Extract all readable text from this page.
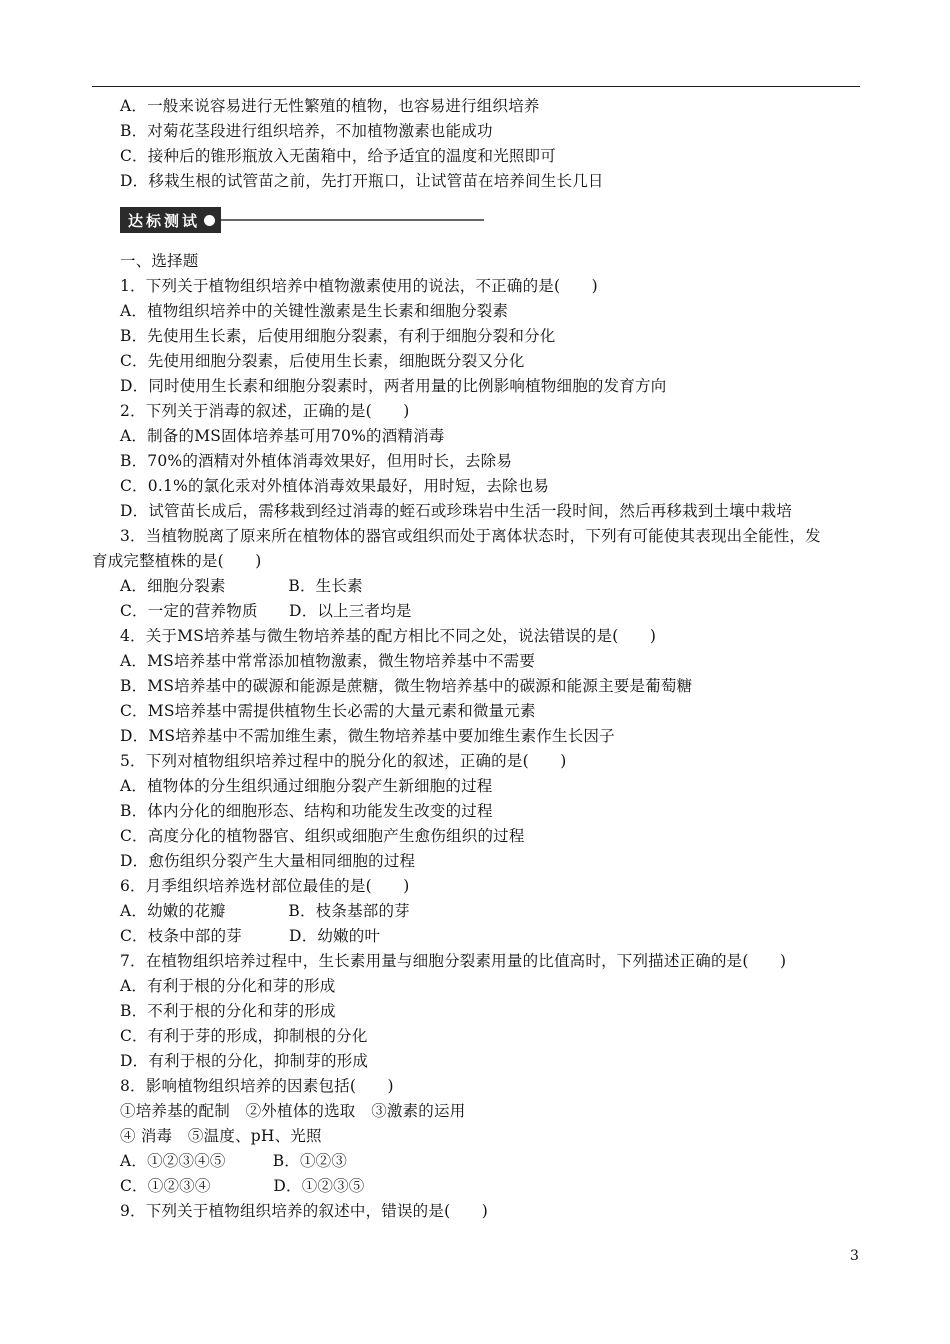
A．一般来说容易进行无性繁殖的植物，也容易进行组织培养
B．对菊花茎段进行组织培养，不加植物激素也能成功
C．接种后的锥形瓶放入无菌箱中，给予适宜的温度和光照即可
D．移栽生根的试管苗之前，先打开瓶口，让试管苗在培养间生长几日
达标测试
一、选择题
1．下列关于植物组织培养中植物激素使用的说法，不正确的是(　　)
A．植物组织培养中的关键性激素是生长素和细胞分裂素
B．先使用生长素，后使用细胞分裂素，有利于细胞分裂和分化
C．先使用细胞分裂素，后使用生长素，细胞既分裂又分化
D．同时使用生长素和细胞分裂素时，两者用量的比例影响植物细胞的发育方向
2．下列关于消毒的叙述，正确的是(　　)
A．制备的MS固体培养基可用70%的酒精消毒
B．70%的酒精对外植体消毒效果好，但用时长，去除易
C．0.1%的氯化汞对外植体消毒效果最好，用时短，去除也易
D．试管苗长成后，需移栽到经过消毒的蛭石或珍珠岩中生活一段时间，然后再移栽到土壤中栽培
3．当植物脱离了原来所在植物体的器官或组织而处于离体状态时，下列有可能使其表现出全能性，发
育成完整植株的是(　　)
A．细胞分裂素　　　　B．生长素
C．一定的营养物质　　D．以上三者均是
4．关于MS培养基与微生物培养基的配方相比不同之处，说法错误的是(　　)
A．MS培养基中常常添加植物激素，微生物培养基中不需要
B．MS培养基中的碳源和能源是蔗糖，微生物培养基中的碳源和能源主要是葡萄糖
C．MS培养基中需提供植物生长必需的大量元素和微量元素
D．MS培养基中不需加维生素，微生物培养基中要加维生素作生长因子
5．下列对植物组织培养过程中的脱分化的叙述，正确的是(　　)
A．植物体的分生组织通过细胞分裂产生新细胞的过程
B．体内分化的细胞形态、结构和功能发生改变的过程
C．高度分化的植物器官、组织或细胞产生愈伤组织的过程
D．愈伤组织分裂产生大量相同细胞的过程
6．月季组织培养选材部位最佳的是(　　)
A．幼嫩的花瓣　　　　B．枝条基部的芽
C．枝条中部的芽　　　D．幼嫩的叶
7．在植物组织培养过程中，生长素用量与细胞分裂素用量的比值高时，下列描述正确的是(　　)
A．有利于根的分化和芽的形成
B．不利于根的分化和芽的形成
C．有利于芽的形成，抑制根的分化
D．有利于根的分化，抑制芽的形成
8．影响植物组织培养的因素包括(　　)
①培养基的配制　②外植体的选取　③激素的运用
④ 消毒　⑤温度、pH、光照
A．①②③④⑤　　　B．①②③
C．①②③④　　　　D．①②③⑤
9．下列关于植物组织培养的叙述中，错误的是(　　)
3
